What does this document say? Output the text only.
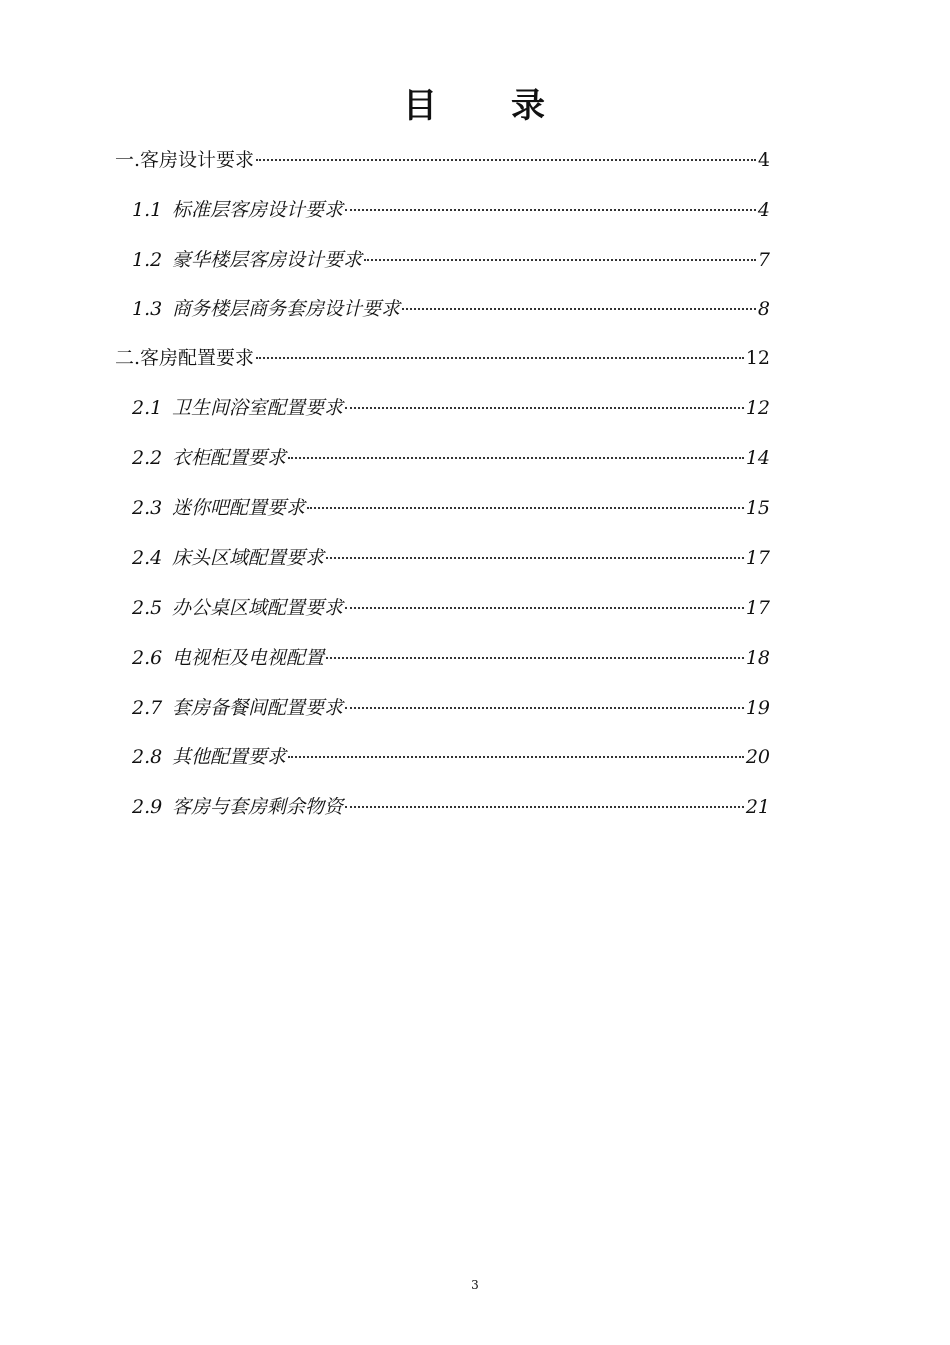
目　　录
一.客房设计要求	4
1.1 标准层客房设计要求	4
1.2 豪华楼层客房设计要求	7
1.3 商务楼层商务套房设计要求	8
二.客房配置要求	12
2.1 卫生间浴室配置要求	12
2.2 衣柜配置要求	14
2.3 迷你吧配置要求	15
2.4 床头区域配置要求	17
2.5 办公桌区域配置要求	17
2.6 电视柜及电视配置	18
2.7 套房备餐间配置要求	19
2.8 其他配置要求	20
2.9 客房与套房剩余物资	21
3
